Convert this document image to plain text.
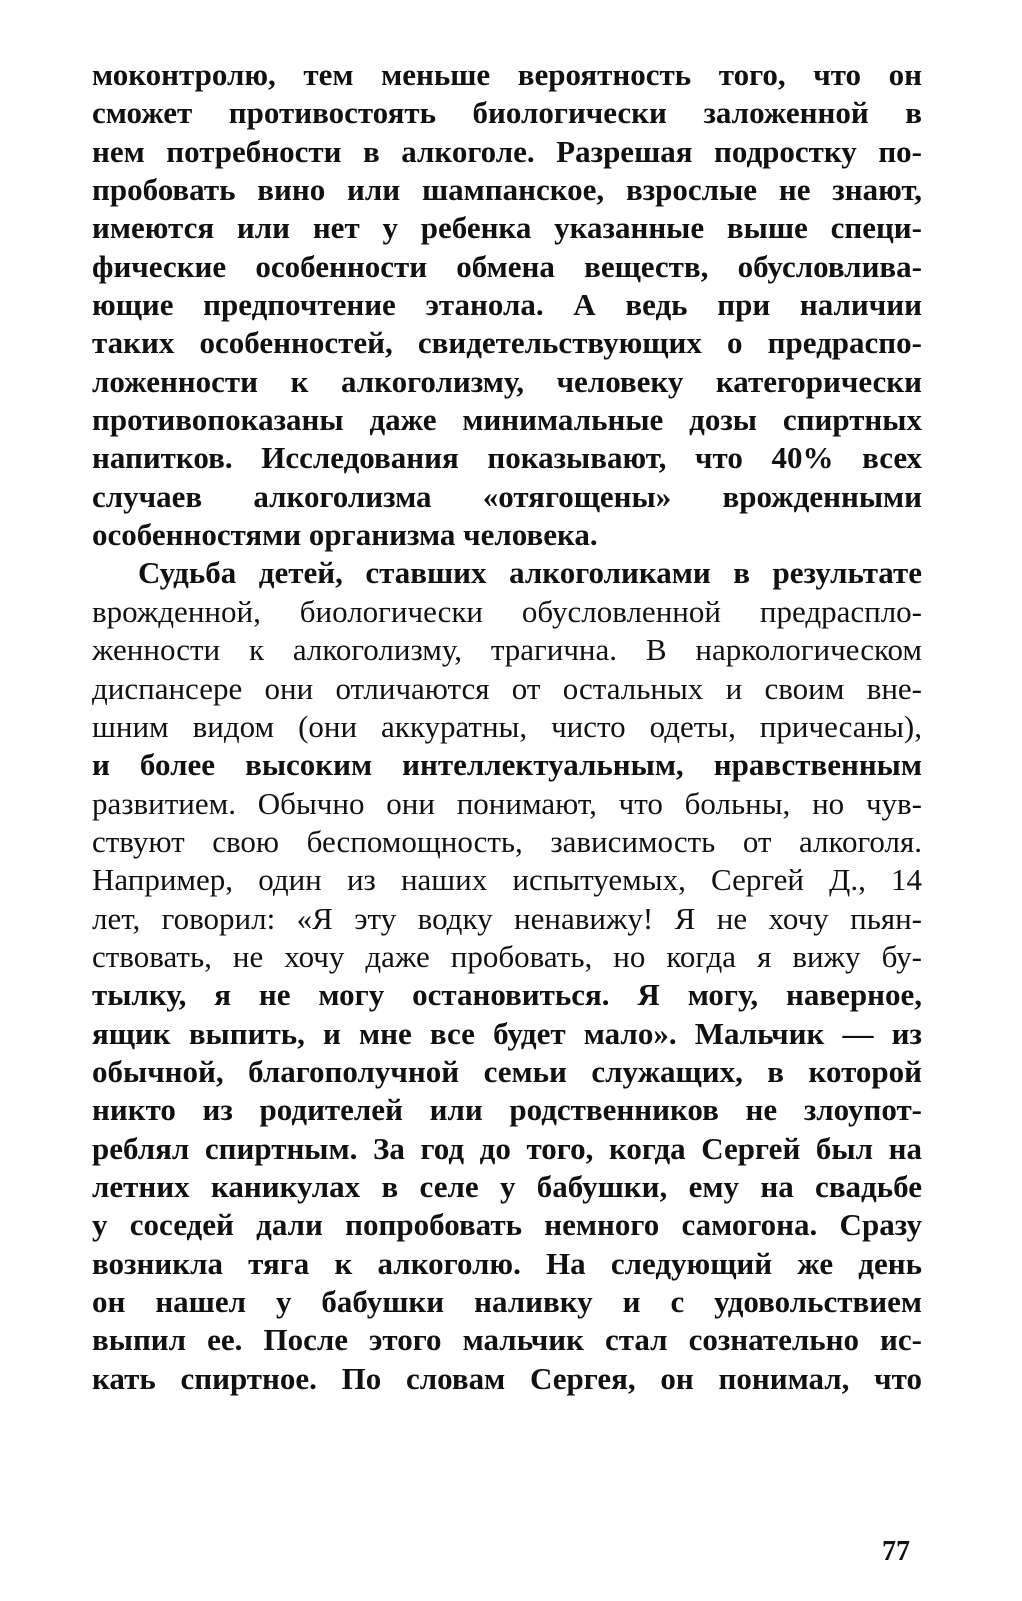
моконтролю, тем меньше вероятность того, что он
сможет противостоять биологически заложенной в
нем потребности в алкоголе. Разрешая подростку по-
пробовать вино или шампанское, взрослые не знают,
имеются или нет у ребенка указанные выше специ-
фические особенности обмена веществ, обусловлива-
ющие предпочтение этанола. А ведь при наличии
таких особенностей, свидетельствующих о предраспо-
ложенности к алкоголизму, человеку категорически
противопоказаны даже минимальные дозы спиртных
напитков. Исследования показывают, что 40% всех
случаев алкоголизма «отягощены» врожденными
особенностями организма человека.
Судьба детей, ставших алкоголиками в результате
врожденной, биологически обусловленной предраспло-
женности к алкоголизму, трагична. В наркологическом
диспансере они отличаются от остальных и своим вне-
шним видом (они аккуратны, чисто одеты, причесаны),
и более высоким интеллектуальным, нравственным
развитием. Обычно они понимают, что больны, но чув-
ствуют свою беспомощность, зависимость от алкоголя.
Например, один из наших испытуемых, Сергей Д., 14
лет, говорил: «Я эту водку ненавижу! Я не хочу пьян-
ствовать, не хочу даже пробовать, но когда я вижу бу-
тылку, я не могу остановиться. Я могу, наверное,
ящик выпить, и мне все будет мало». Мальчик — из
обычной, благополучной семьи служащих, в которой
никто из родителей или родственников не злоупот-
реблял спиртным. За год до того, когда Сергей был на
летних каникулах в селе у бабушки, ему на свадьбе
у соседей дали попробовать немного самогона. Сразу
возникла тяга к алкоголю. На следующий же день
он нашел у бабушки наливку и с удовольствием
выпил ее. После этого мальчик стал сознательно ис-
кать спиртное. По словам Сергея, он понимал, что
77
